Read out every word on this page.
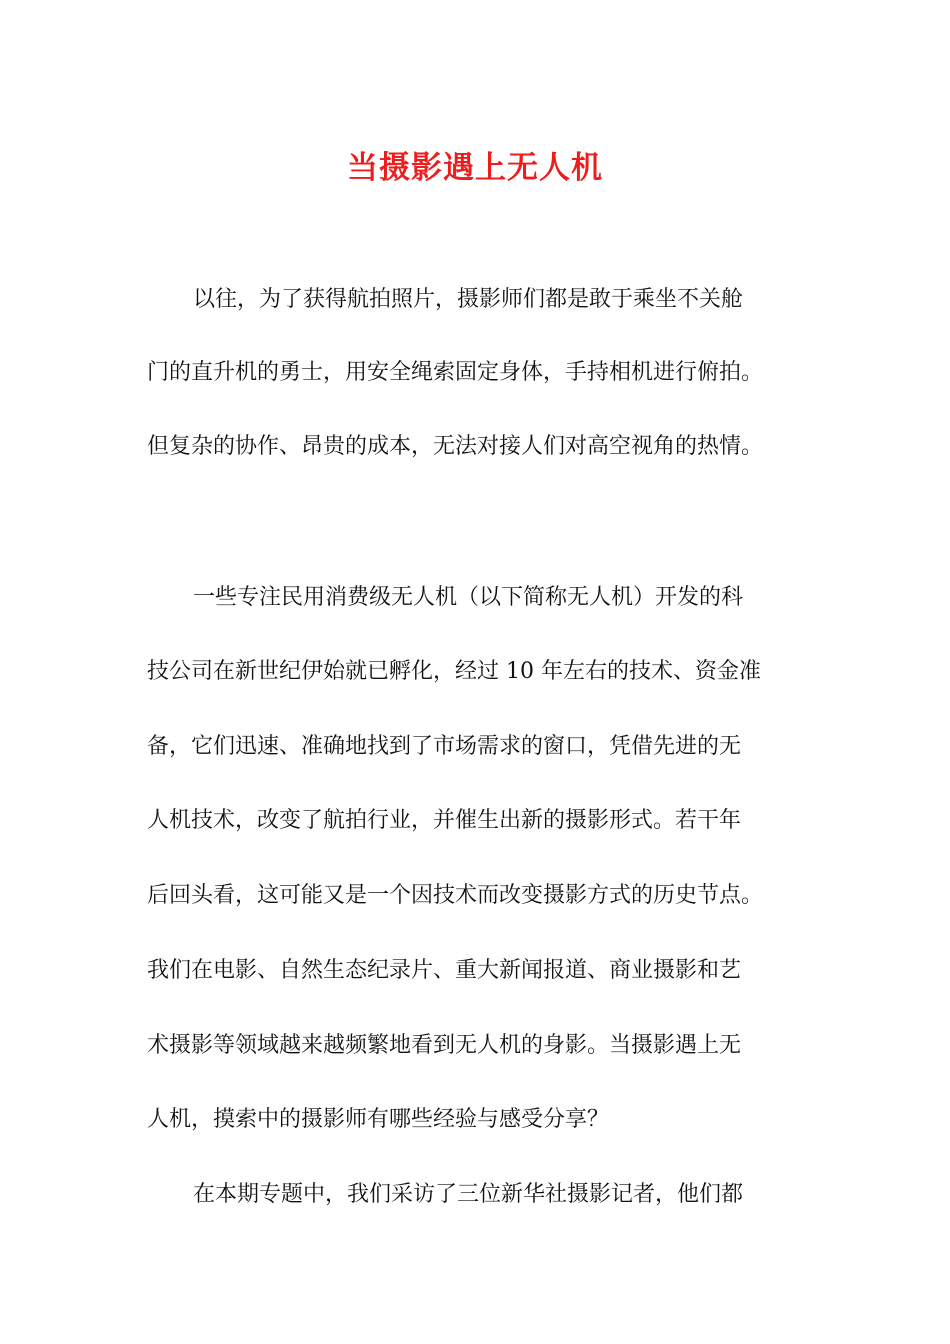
当摄影遇上无人机
以往，为了获得航拍照片，摄影师们都是敢于乘坐不关舱
门的直升机的勇士，用安全绳索固定身体，手持相机进行俯拍。
但复杂的协作、昂贵的成本，无法对接人们对高空视角的热情。
一些专注民用消费级无人机（以下简称无人机）开发的科
技公司在新世纪伊始就已孵化，经过 10 年左右的技术、资金准
备，它们迅速、准确地找到了市场需求的窗口，凭借先进的无
人机技术，改变了航拍行业，并催生出新的摄影形式。若干年
后回头看，这可能又是一个因技术而改变摄影方式的历史节点。
我们在电影、自然生态纪录片、重大新闻报道、商业摄影和艺
术摄影等领域越来越频繁地看到无人机的身影。当摄影遇上无
人机，摸索中的摄影师有哪些经验与感受分享？
在本期专题中，我们采访了三位新华社摄影记者，他们都
